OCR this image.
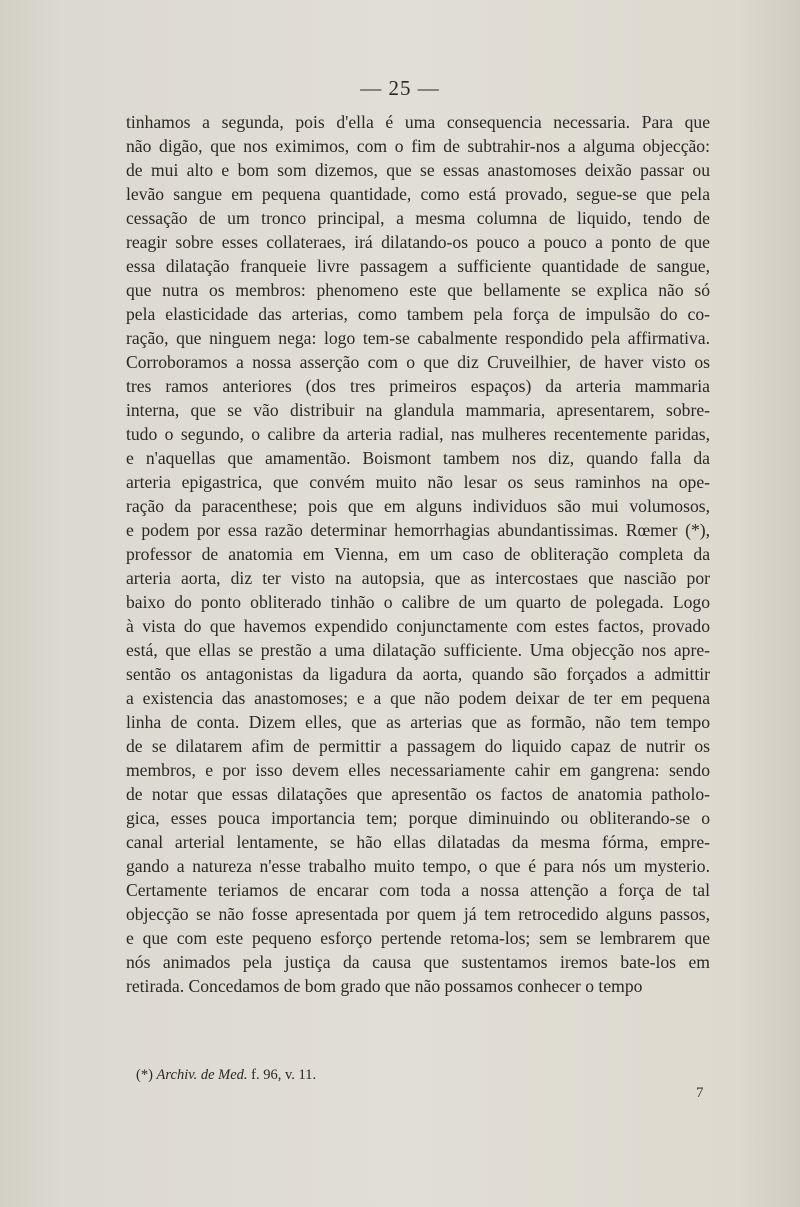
— 25 —
tinhamos a segunda, pois d'ella é uma consequencia necessaria. Para que
não digão, que nos eximimos, com o fim de subtrahir-nos a alguma objecção:
de mui alto e bom som dizemos, que se essas anastomoses deixão passar ou
levão sangue em pequena quantidade, como está provado, segue-se que pela
cessação de um tronco principal, a mesma columna de liquido, tendo de
reagir sobre esses collateraes, irá dilatando-os pouco a pouco a ponto de que
essa dilatação franqueie livre passagem a sufficiente quantidade de sangue,
que nutra os membros: phenomeno este que bellamente se explica não só
pela elasticidade das arterias, como tambem pela força de impulsão do co-
ração, que ninguem nega: logo tem-se cabalmente respondido pela affirmativa.
Corroboramos a nossa asserção com o que diz Cruveilhier, de haver visto os
tres ramos anteriores (dos tres primeiros espaços) da arteria mammaria
interna, que se vão distribuir na glandula mammaria, apresentarem, sobre-
tudo o segundo, o calibre da arteria radial, nas mulheres recentemente paridas,
e n'aquellas que amamentão. Boismont tambem nos diz, quando falla da
arteria epigastrica, que convém muito não lesar os seus raminhos na ope-
ração da paracenthese; pois que em alguns individuos são mui volumosos,
e podem por essa razão determinar hemorrhagias abundantissimas. Rœmer (*),
professor de anatomia em Vienna, em um caso de obliteração completa da
arteria aorta, diz ter visto na autopsia, que as intercostaes que nascião por
baixo do ponto obliterado tinhão o calibre de um quarto de polegada. Logo
à vista do que havemos expendido conjunctamente com estes factos, provado
está, que ellas se prestão a uma dilatação sufficiente. Uma objecção nos apre-
sentão os antagonistas da ligadura da aorta, quando são forçados a admittir
a existencia das anastomoses; e a que não podem deixar de ter em pequena
linha de conta. Dizem elles, que as arterias que as formão, não tem tempo
de se dilatarem afim de permittir a passagem do liquido capaz de nutrir os
membros, e por isso devem elles necessariamente cahir em gangrena: sendo
de notar que essas dilatações que apresentão os factos de anatomia patholo-
gica, esses pouca importancia tem; porque diminuindo ou obliterando-se o
canal arterial lentamente, se hão ellas dilatadas da mesma fórma, empre-
gando a natureza n'esse trabalho muito tempo, o que é para nós um mysterio.
Certamente teriamos de encarar com toda a nossa attenção a força de tal
objecção se não fosse apresentada por quem já tem retrocedido alguns passos,
e que com este pequeno esforço pertende retoma-los; sem se lembrarem que
nós animados pela justiça da causa que sustentamos iremos bate-los em
retirada. Concedamos de bom grado que não possamos conhecer o tempo
(*) Archiv. de Med. f. 96, v. 11.
7
